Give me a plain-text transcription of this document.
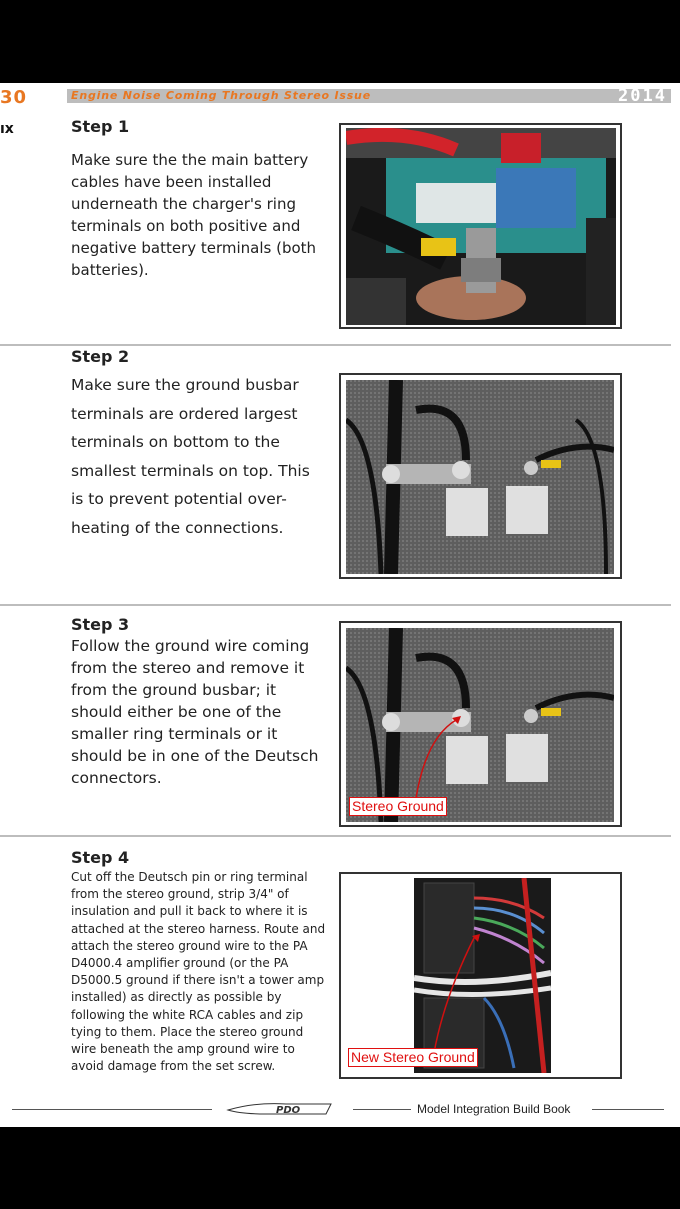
30	Engine Noise Coming Through Stereo Issue	2014
ıx	Step 1
Make sure the the main battery cables have been installed underneath the charger's ring terminals on both positive and negative battery terminals (both batteries).
Step 2
Make sure the ground busbar terminals are ordered largest terminals on bottom to the smallest terminals on top. This is to prevent potential over-heating of the connections.
Step 3
Follow the ground wire coming from the stereo and remove it from the ground busbar; it should either be one of the smaller ring terminals or it should be in one of the Deutsch connectors.
Stereo Ground
Step 4
Cut off the Deutsch pin or ring terminal from the stereo ground, strip 3/4" of insulation and pull it back to where it is attached at the stereo harness. Route and attach the stereo ground wire to the PA D4000.4 amplifier ground (or the PA D5000.5 ground if there isn't a tower amp installed) as directly as possible by following the white RCA cables and zip tying to them. Place the stereo ground wire beneath the amp ground wire to avoid damage from the set screw.
New Stereo Ground
PDO	Model Integration Build Book
